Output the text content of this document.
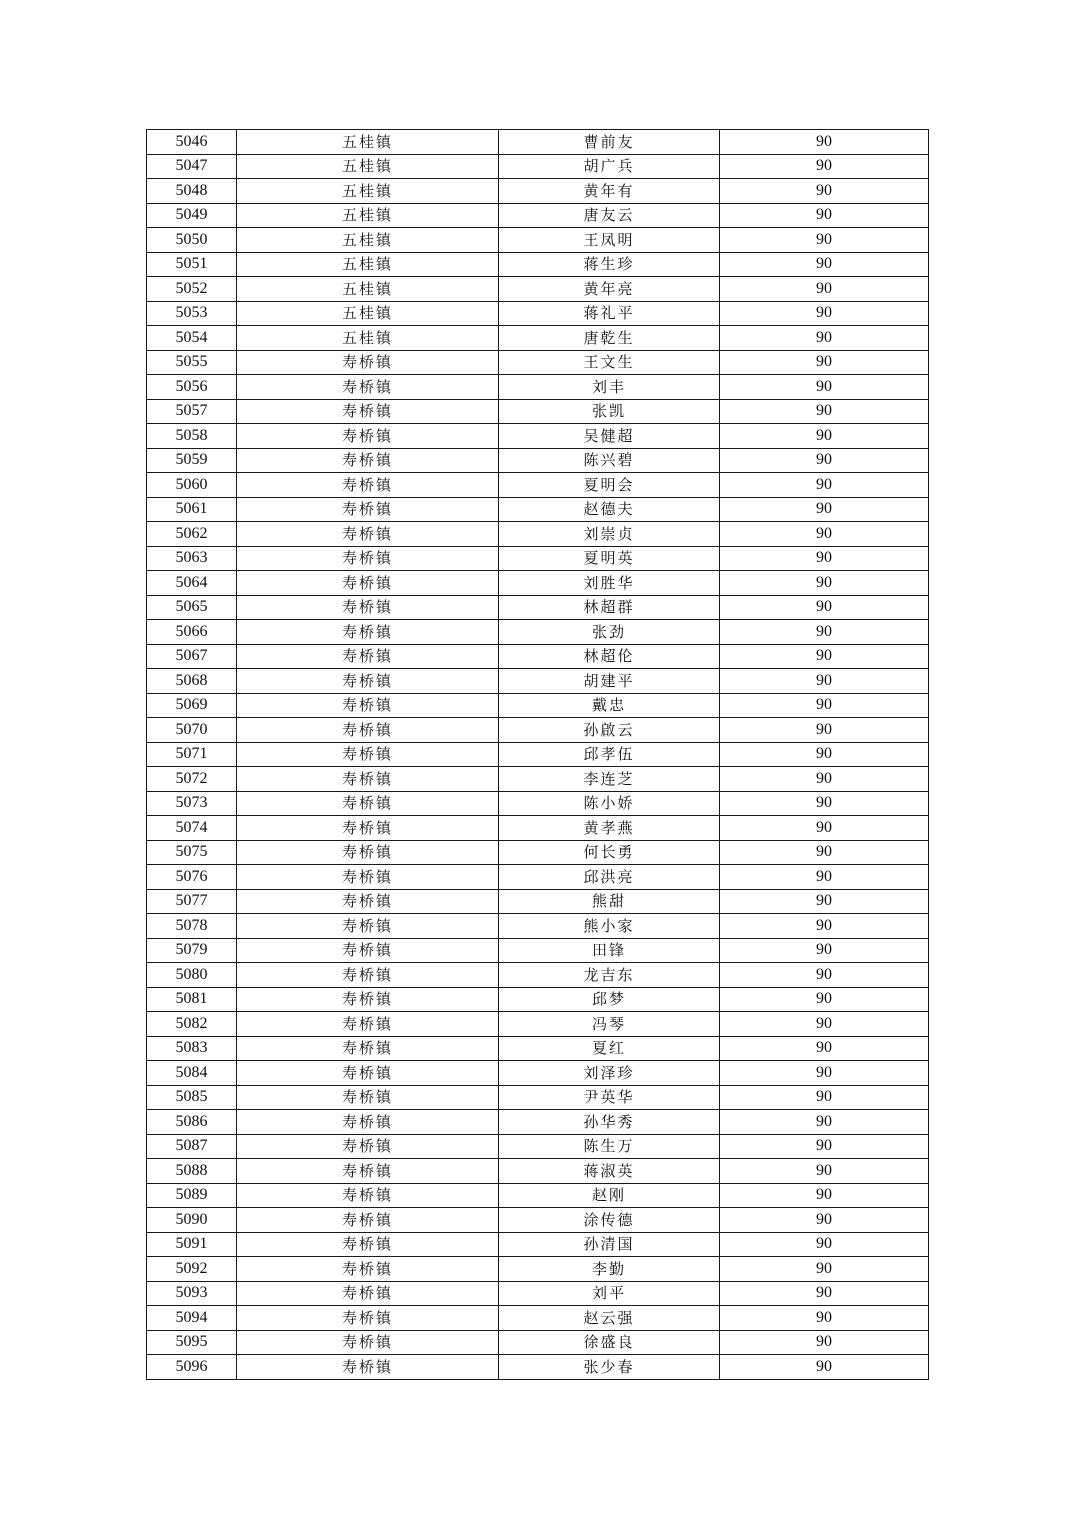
5046	五桂镇	曹前友	90
5047	五桂镇	胡广兵	90
5048	五桂镇	黄年有	90
5049	五桂镇	唐友云	90
5050	五桂镇	王凤明	90
5051	五桂镇	蒋生珍	90
5052	五桂镇	黄年亮	90
5053	五桂镇	蒋礼平	90
5054	五桂镇	唐乾生	90
5055	寿桥镇	王文生	90
5056	寿桥镇	刘丰	90
5057	寿桥镇	张凯	90
5058	寿桥镇	吴健超	90
5059	寿桥镇	陈兴碧	90
5060	寿桥镇	夏明会	90
5061	寿桥镇	赵德夫	90
5062	寿桥镇	刘崇贞	90
5063	寿桥镇	夏明英	90
5064	寿桥镇	刘胜华	90
5065	寿桥镇	林超群	90
5066	寿桥镇	张劲	90
5067	寿桥镇	林超伦	90
5068	寿桥镇	胡建平	90
5069	寿桥镇	戴忠	90
5070	寿桥镇	孙啟云	90
5071	寿桥镇	邱孝伍	90
5072	寿桥镇	李连芝	90
5073	寿桥镇	陈小娇	90
5074	寿桥镇	黄孝燕	90
5075	寿桥镇	何长勇	90
5076	寿桥镇	邱洪亮	90
5077	寿桥镇	熊甜	90
5078	寿桥镇	熊小家	90
5079	寿桥镇	田锋	90
5080	寿桥镇	龙吉东	90
5081	寿桥镇	邱梦	90
5082	寿桥镇	冯琴	90
5083	寿桥镇	夏红	90
5084	寿桥镇	刘泽珍	90
5085	寿桥镇	尹英华	90
5086	寿桥镇	孙华秀	90
5087	寿桥镇	陈生万	90
5088	寿桥镇	蒋淑英	90
5089	寿桥镇	赵刚	90
5090	寿桥镇	涂传德	90
5091	寿桥镇	孙清国	90
5092	寿桥镇	李勤	90
5093	寿桥镇	刘平	90
5094	寿桥镇	赵云强	90
5095	寿桥镇	徐盛良	90
5096	寿桥镇	张少春	90
